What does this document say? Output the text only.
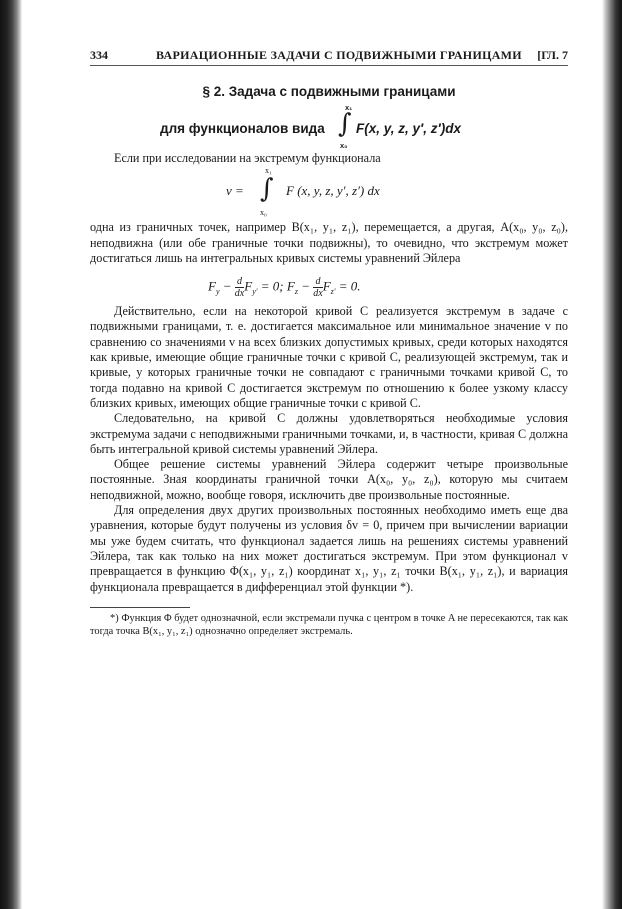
334	ВАРИАЦИОННЫЕ ЗАДАЧИ С ПОДВИЖНЫМИ ГРАНИЦАМИ [ГЛ. 7
§ 2. Задача с подвижными границами
для функционалов вида
x₁
∫
x₀
F(x, y, z, y′, z′)dx

Если при исследовании на экстремум функционала

v =
x₁
∫
x₀
F (x, y, z, y′, z′) dx

одна из граничных точек, например B(x₁, y₁, z₁), перемещается, а другая, A(x₀, y₀, z₀), неподвижна (или обе граничные точки подвижны), то очевидно, что экстремум может достигаться лишь на интегральных кривых системы уравнений Эйлера

$F_y - \frac{d}{dx} F_{y'} = 0$; $F_z - \frac{d}{dx} F_{z'} = 0$.

Действительно, если на некоторой кривой C реализуется экстремум в задаче с подвижными границами, т. е. достигается максимальное или минимальное значение v по сравнению со значениями v на всех близких допустимых кривых, среди которых находятся как кривые, имеющие общие граничные точки с кривой C, реализующей экстремум, так и кривые, у которых граничные точки не совпадают с граничными точками кривой C, то тогда подавно на кривой C достигается экстремум по отношению к более узкому классу близких кривых, имеющих общие граничные точки с кривой C.

Следовательно, на кривой C должны удовлетворяться необходимые условия экстремума задачи с неподвижными граничными точками, и, в частности, кривая C должна быть интегральной кривой системы уравнений Эйлера.

Общее решение системы уравнений Эйлера содержит четыре произвольные постоянные. Зная координаты граничной точки A(x₀, y₀, z₀), которую мы считаем неподвижной, можно, вообще говоря, исключить две произвольные постоянные.

Для определения двух других произвольных постоянных необходимо иметь еще два уравнения, которые будут получены из условия δv = 0, причем при вычислении вариации мы уже будем считать, что функционал задается лишь на решениях системы уравнений Эйлера, так как только на них может достигаться экстремум. При этом функционал v превращается в функцию Φ(x₁, y₁, z₁) координат x₁, y₁, z₁ точки B(x₁, y₁, z₁), и вариация функционала превращается в дифференциал этой функции *).

*) Функция Φ будет однозначной, если экстремали пучка с центром в точке A не пересекаются, так как тогда точка B(x₁, y₁, z₁) однозначно определяет экстремаль.
